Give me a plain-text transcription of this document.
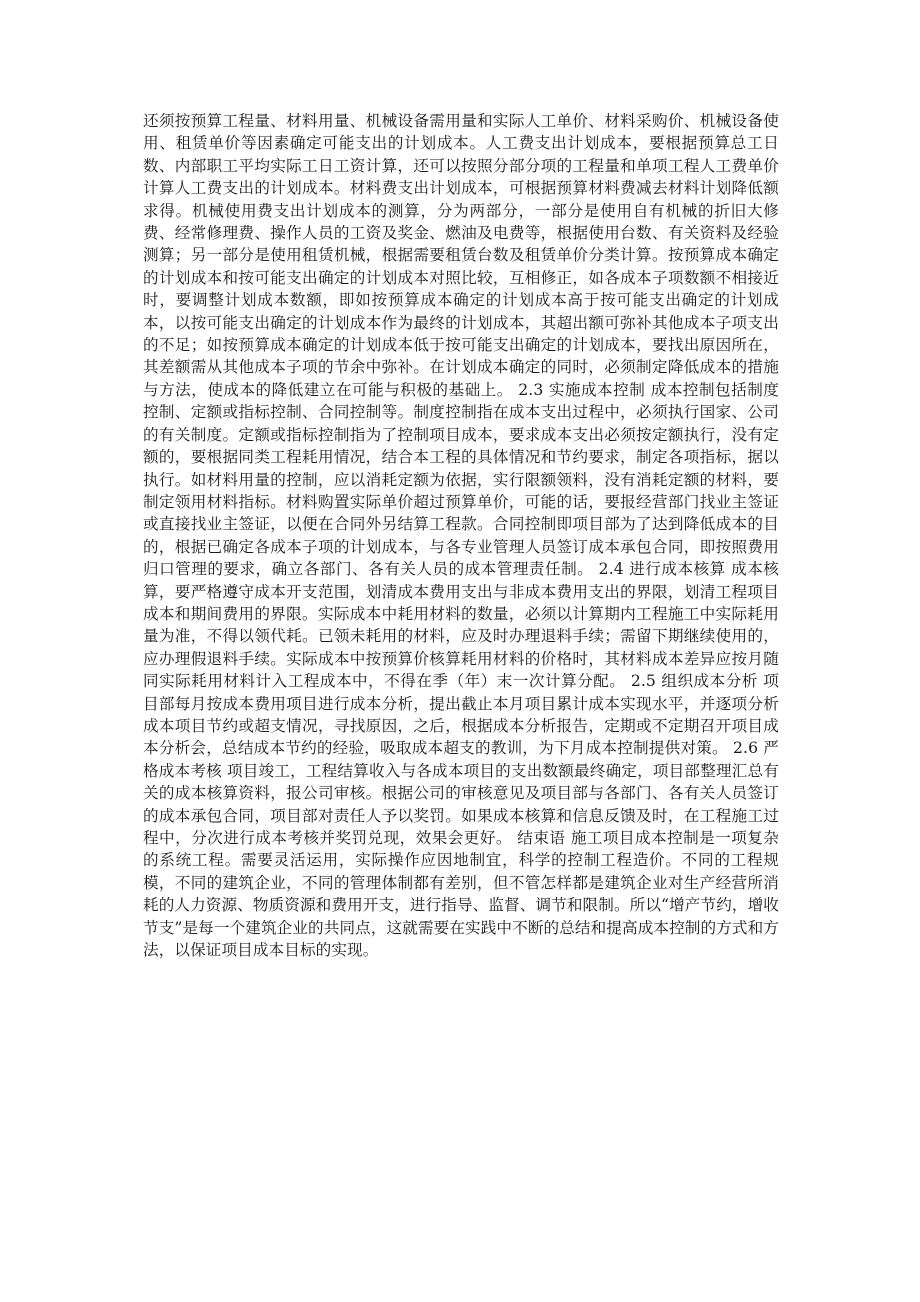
还须按预算工程量、材料用量、机械设备需用量和实际人工单价、材料采购价、机械设备使用、租赁单价等因素确定可能支出的计划成本。人工费支出计划成本，要根据预算总工日数、内部职工平均实际工日工资计算，还可以按照分部分项的工程量和单项工程人工费单价计算人工费支出的计划成本。材料费支出计划成本，可根据预算材料费减去材料计划降低额求得。机械使用费支出计划成本的测算，分为两部分，一部分是使用自有机械的折旧大修费、经常修理费、操作人员的工资及奖金、燃油及电费等，根据使用台数、有关资料及经验测算；另一部分是使用租赁机械，根据需要租赁台数及租赁单价分类计算。按预算成本确定的计划成本和按可能支出确定的计划成本对照比较，互相修正，如各成本子项数额不相接近时，要调整计划成本数额，即如按预算成本确定的计划成本高于按可能支出确定的计划成本，以按可能支出确定的计划成本作为最终的计划成本，其超出额可弥补其他成本子项支出的不足；如按预算成本确定的计划成本低于按可能支出确定的计划成本，要找出原因所在，其差额需从其他成本子项的节余中弥补。在计划成本确定的同时，必须制定降低成本的措施与方法，使成本的降低建立在可能与积极的基础上。 2.3 实施成本控制 成本控制包括制度控制、定额或指标控制、合同控制等。制度控制指在成本支出过程中，必须执行国家、公司的有关制度。定额或指标控制指为了控制项目成本，要求成本支出必须按定额执行，没有定额的，要根据同类工程耗用情况，结合本工程的具体情况和节约要求，制定各项指标，据以执行。如材料用量的控制，应以消耗定额为依据，实行限额领料，没有消耗定额的材料，要制定领用材料指标。材料购置实际单价超过预算单价，可能的话，要报经营部门找业主签证或直接找业主签证，以便在合同外另结算工程款。合同控制即项目部为了达到降低成本的目的，根据已确定各成本子项的计划成本，与各专业管理人员签订成本承包合同，即按照费用归口管理的要求，确立各部门、各有关人员的成本管理责任制。 2.4 进行成本核算 成本核算，要严格遵守成本开支范围，划清成本费用支出与非成本费用支出的界限，划清工程项目成本和期间费用的界限。实际成本中耗用材料的数量，必须以计算期内工程施工中实际耗用量为准，不得以领代耗。已领未耗用的材料，应及时办理退料手续；需留下期继续使用的，应办理假退料手续。实际成本中按预算价核算耗用材料的价格时，其材料成本差异应按月随同实际耗用材料计入工程成本中，不得在季（年）末一次计算分配。 2.5 组织成本分析 项目部每月按成本费用项目进行成本分析，提出截止本月项目累计成本实现水平，并逐项分析成本项目节约或超支情况，寻找原因，之后，根据成本分析报告，定期或不定期召开项目成本分析会，总结成本节约的经验，吸取成本超支的教训，为下月成本控制提供对策。 2.6 严格成本考核 项目竣工，工程结算收入与各成本项目的支出数额最终确定，项目部整理汇总有关的成本核算资料，报公司审核。根据公司的审核意见及项目部与各部门、各有关人员签订的成本承包合同，项目部对责任人予以奖罚。如果成本核算和信息反馈及时，在工程施工过程中，分次进行成本考核并奖罚兑现，效果会更好。 结束语 施工项目成本控制是一项复杂的系统工程。需要灵活运用，实际操作应因地制宜，科学的控制工程造价。不同的工程规模，不同的建筑企业，不同的管理体制都有差别，但不管怎样都是建筑企业对生产经营所消耗的人力资源、物质资源和费用开支，进行指导、监督、调节和限制。所以“增产节约，增收节支”是每一个建筑企业的共同点，这就需要在实践中不断的总结和提高成本控制的方式和方法，以保证项目成本目标的实现。
